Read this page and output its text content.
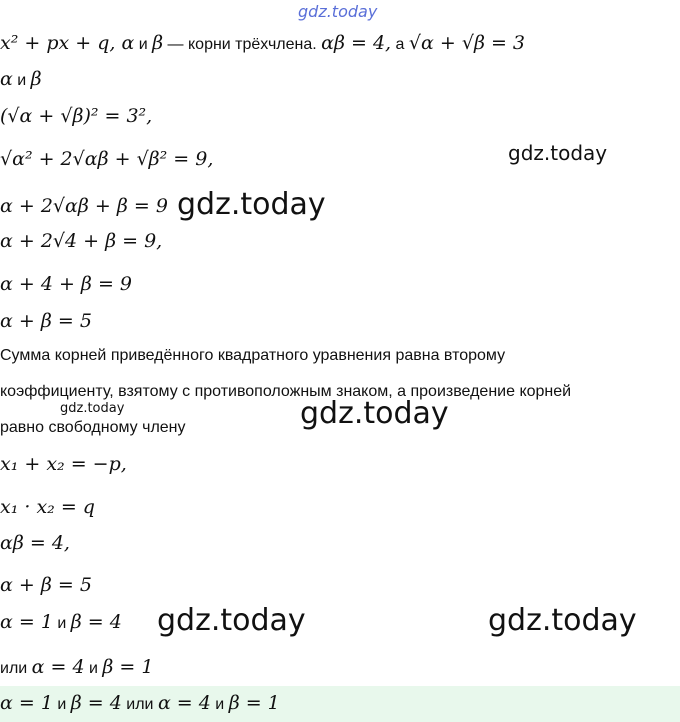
gdz.today
x² + px + q, α и β — корни трёхчлена. αβ = 4, а √α + √β = 3
α и β
(√α + √β)² = 3²,
√α² + 2√αβ + √β² = 9,	gdz.today
α + 2√αβ + β = 9 gdz.today
α + 2√4 + β = 9,
α + 4 + β = 9
α + β = 5
Сумма корней приведённого квадратного уравнения равна второму
коэффициенту, взятому с противоположным знаком, а произведение корней
gdz.today	gdz.today
равно свободному члену
x₁ + x₂ = −p,
x₁ · x₂ = q
αβ = 4,
α + β = 5
α = 1 и β = 4 gdz.today	gdz.today
или α = 4 и β = 1
α = 1 и β = 4 или α = 4 и β = 1
